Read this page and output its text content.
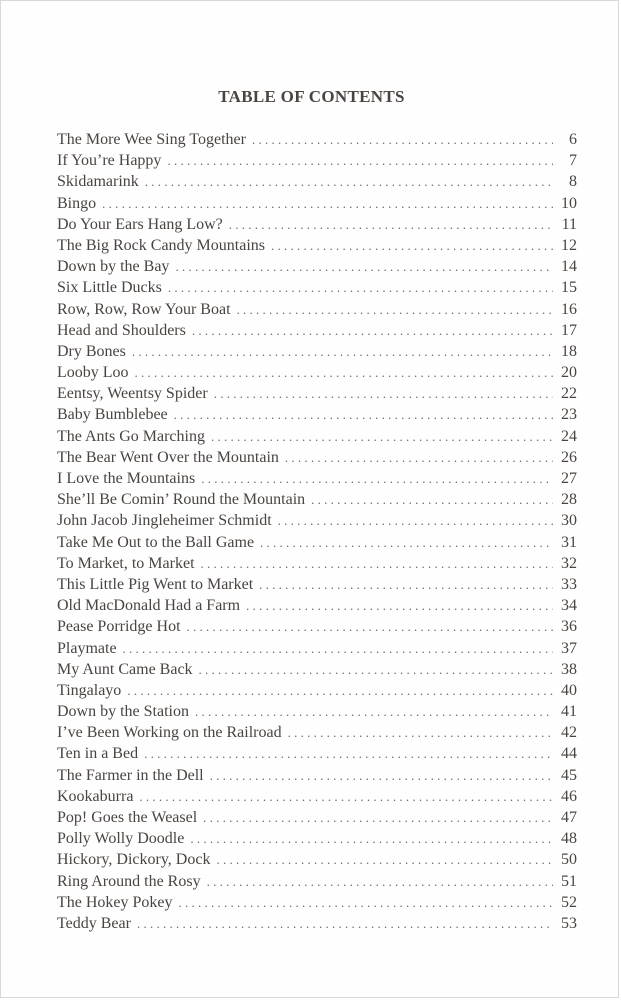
TABLE OF CONTENTS
The More Wee Sing Together . . .	6
If You’re Happy . . .	7
Skidamarink . . .	8
Bingo . . .	10
Do Your Ears Hang Low? . . .	11
The Big Rock Candy Mountains . . .	12
Down by the Bay . . .	14
Six Little Ducks . . .	15
Row, Row, Row Your Boat . . .	16
Head and Shoulders . . .	17
Dry Bones . . .	18
Looby Loo . . .	20
Eentsy, Weentsy Spider . . .	22
Baby Bumblebee . . .	23
The Ants Go Marching . . .	24
The Bear Went Over the Mountain . . .	26
I Love the Mountains . . .	27
She’ll Be Comin’ Round the Mountain . . .	28
John Jacob Jingleheimer Schmidt . . .	30
Take Me Out to the Ball Game . . .	31
To Market, to Market . . .	32
This Little Pig Went to Market . . .	33
Old MacDonald Had a Farm . . .	34
Pease Porridge Hot . . .	36
Playmate . . .	37
My Aunt Came Back . . .	38
Tingalayo . . .	40
Down by the Station . . .	41
I’ve Been Working on the Railroad . . .	42
Ten in a Bed . . .	44
The Farmer in the Dell . . .	45
Kookaburra . . .	46
Pop! Goes the Weasel . . .	47
Polly Wolly Doodle . . .	48
Hickory, Dickory, Dock . . .	50
Ring Around the Rosy . . .	51
The Hokey Pokey . . .	52
Teddy Bear . . .	53
